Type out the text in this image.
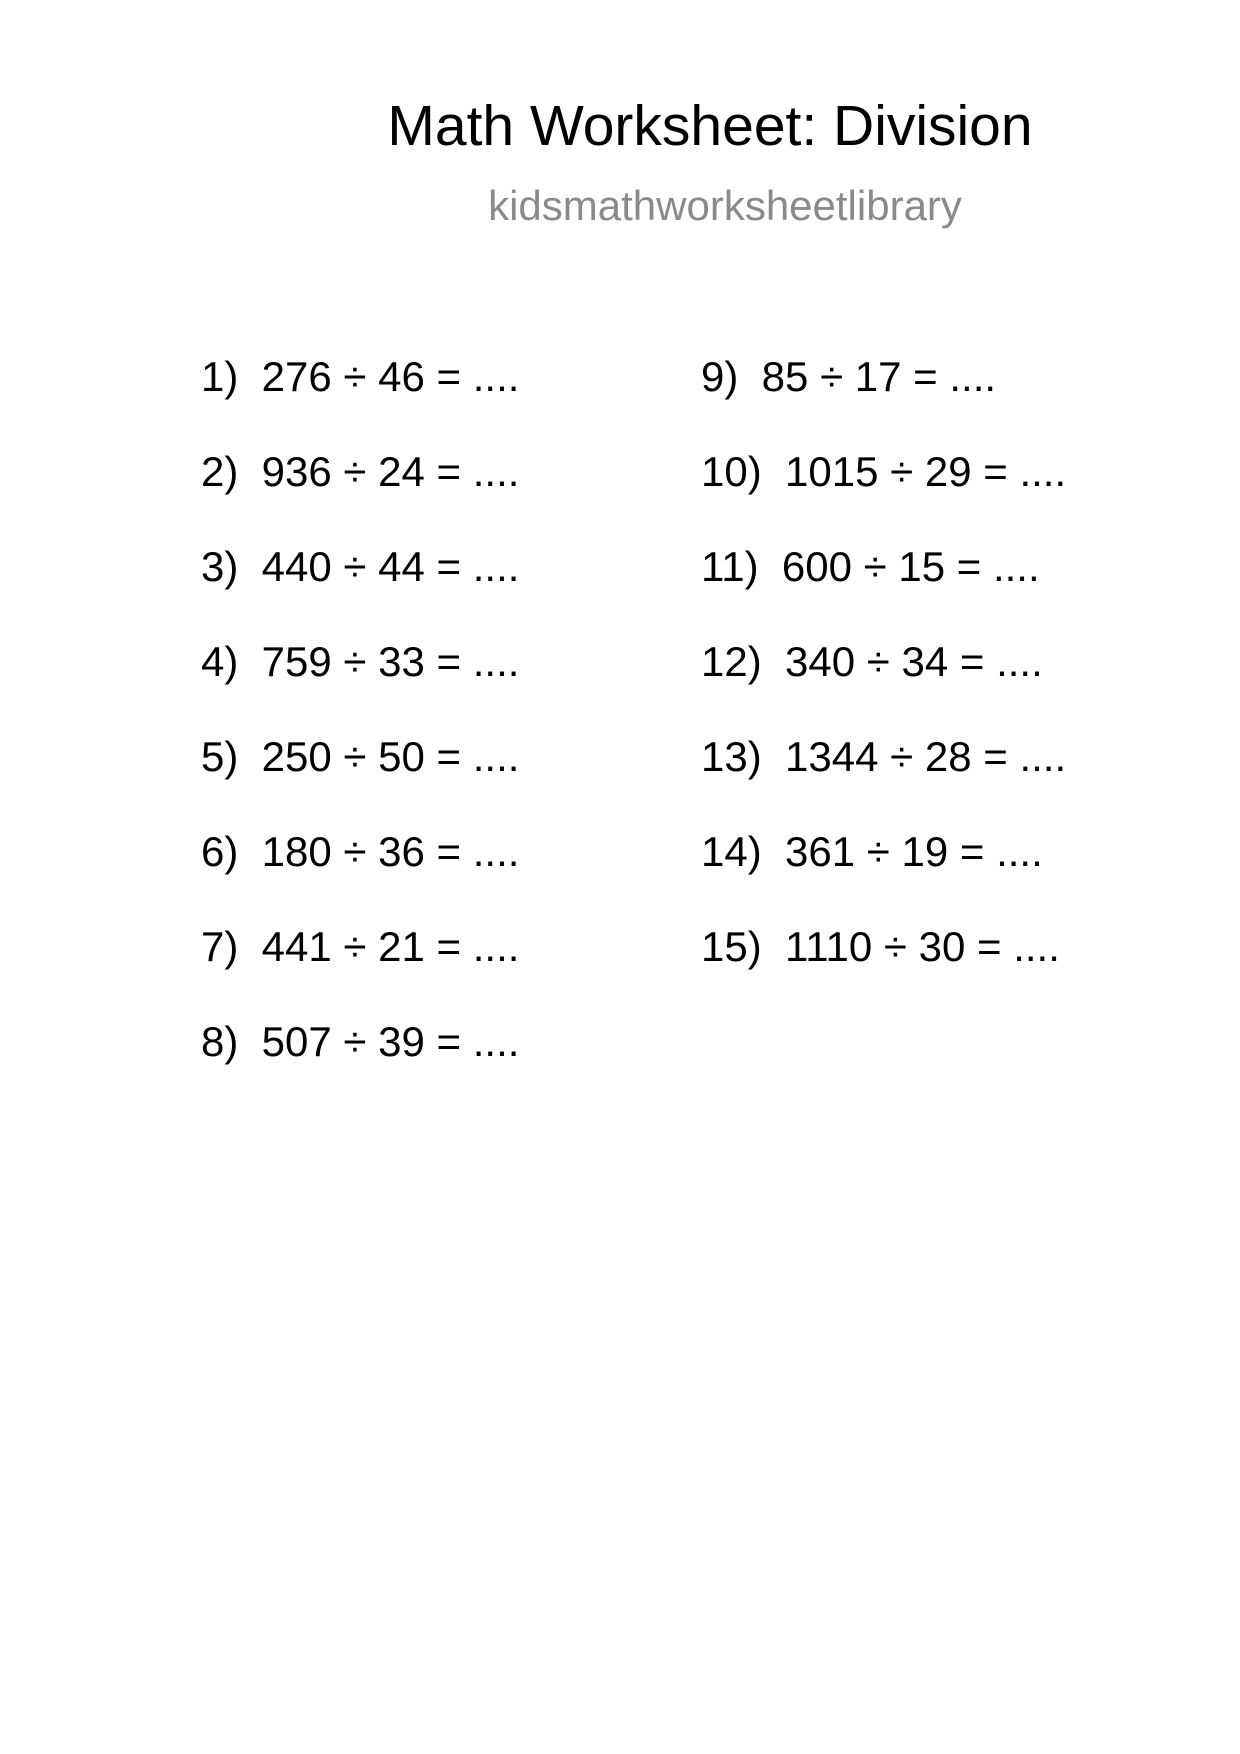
Math Worksheet: Division
kidsmathworksheetlibrary
1)  276 ÷ 46 = ....
2)  936 ÷ 24 = ....
3)  440 ÷ 44 = ....
4)  759 ÷ 33 = ....
5)  250 ÷ 50 = ....
6)  180 ÷ 36 = ....
7)  441 ÷ 21 = ....
8)  507 ÷ 39 = ....
9)  85 ÷ 17 = ....
10)  1015 ÷ 29 = ....
11)  600 ÷ 15 = ....
12)  340 ÷ 34 = ....
13)  1344 ÷ 28 = ....
14)  361 ÷ 19 = ....
15)  1110 ÷ 30 = ....
